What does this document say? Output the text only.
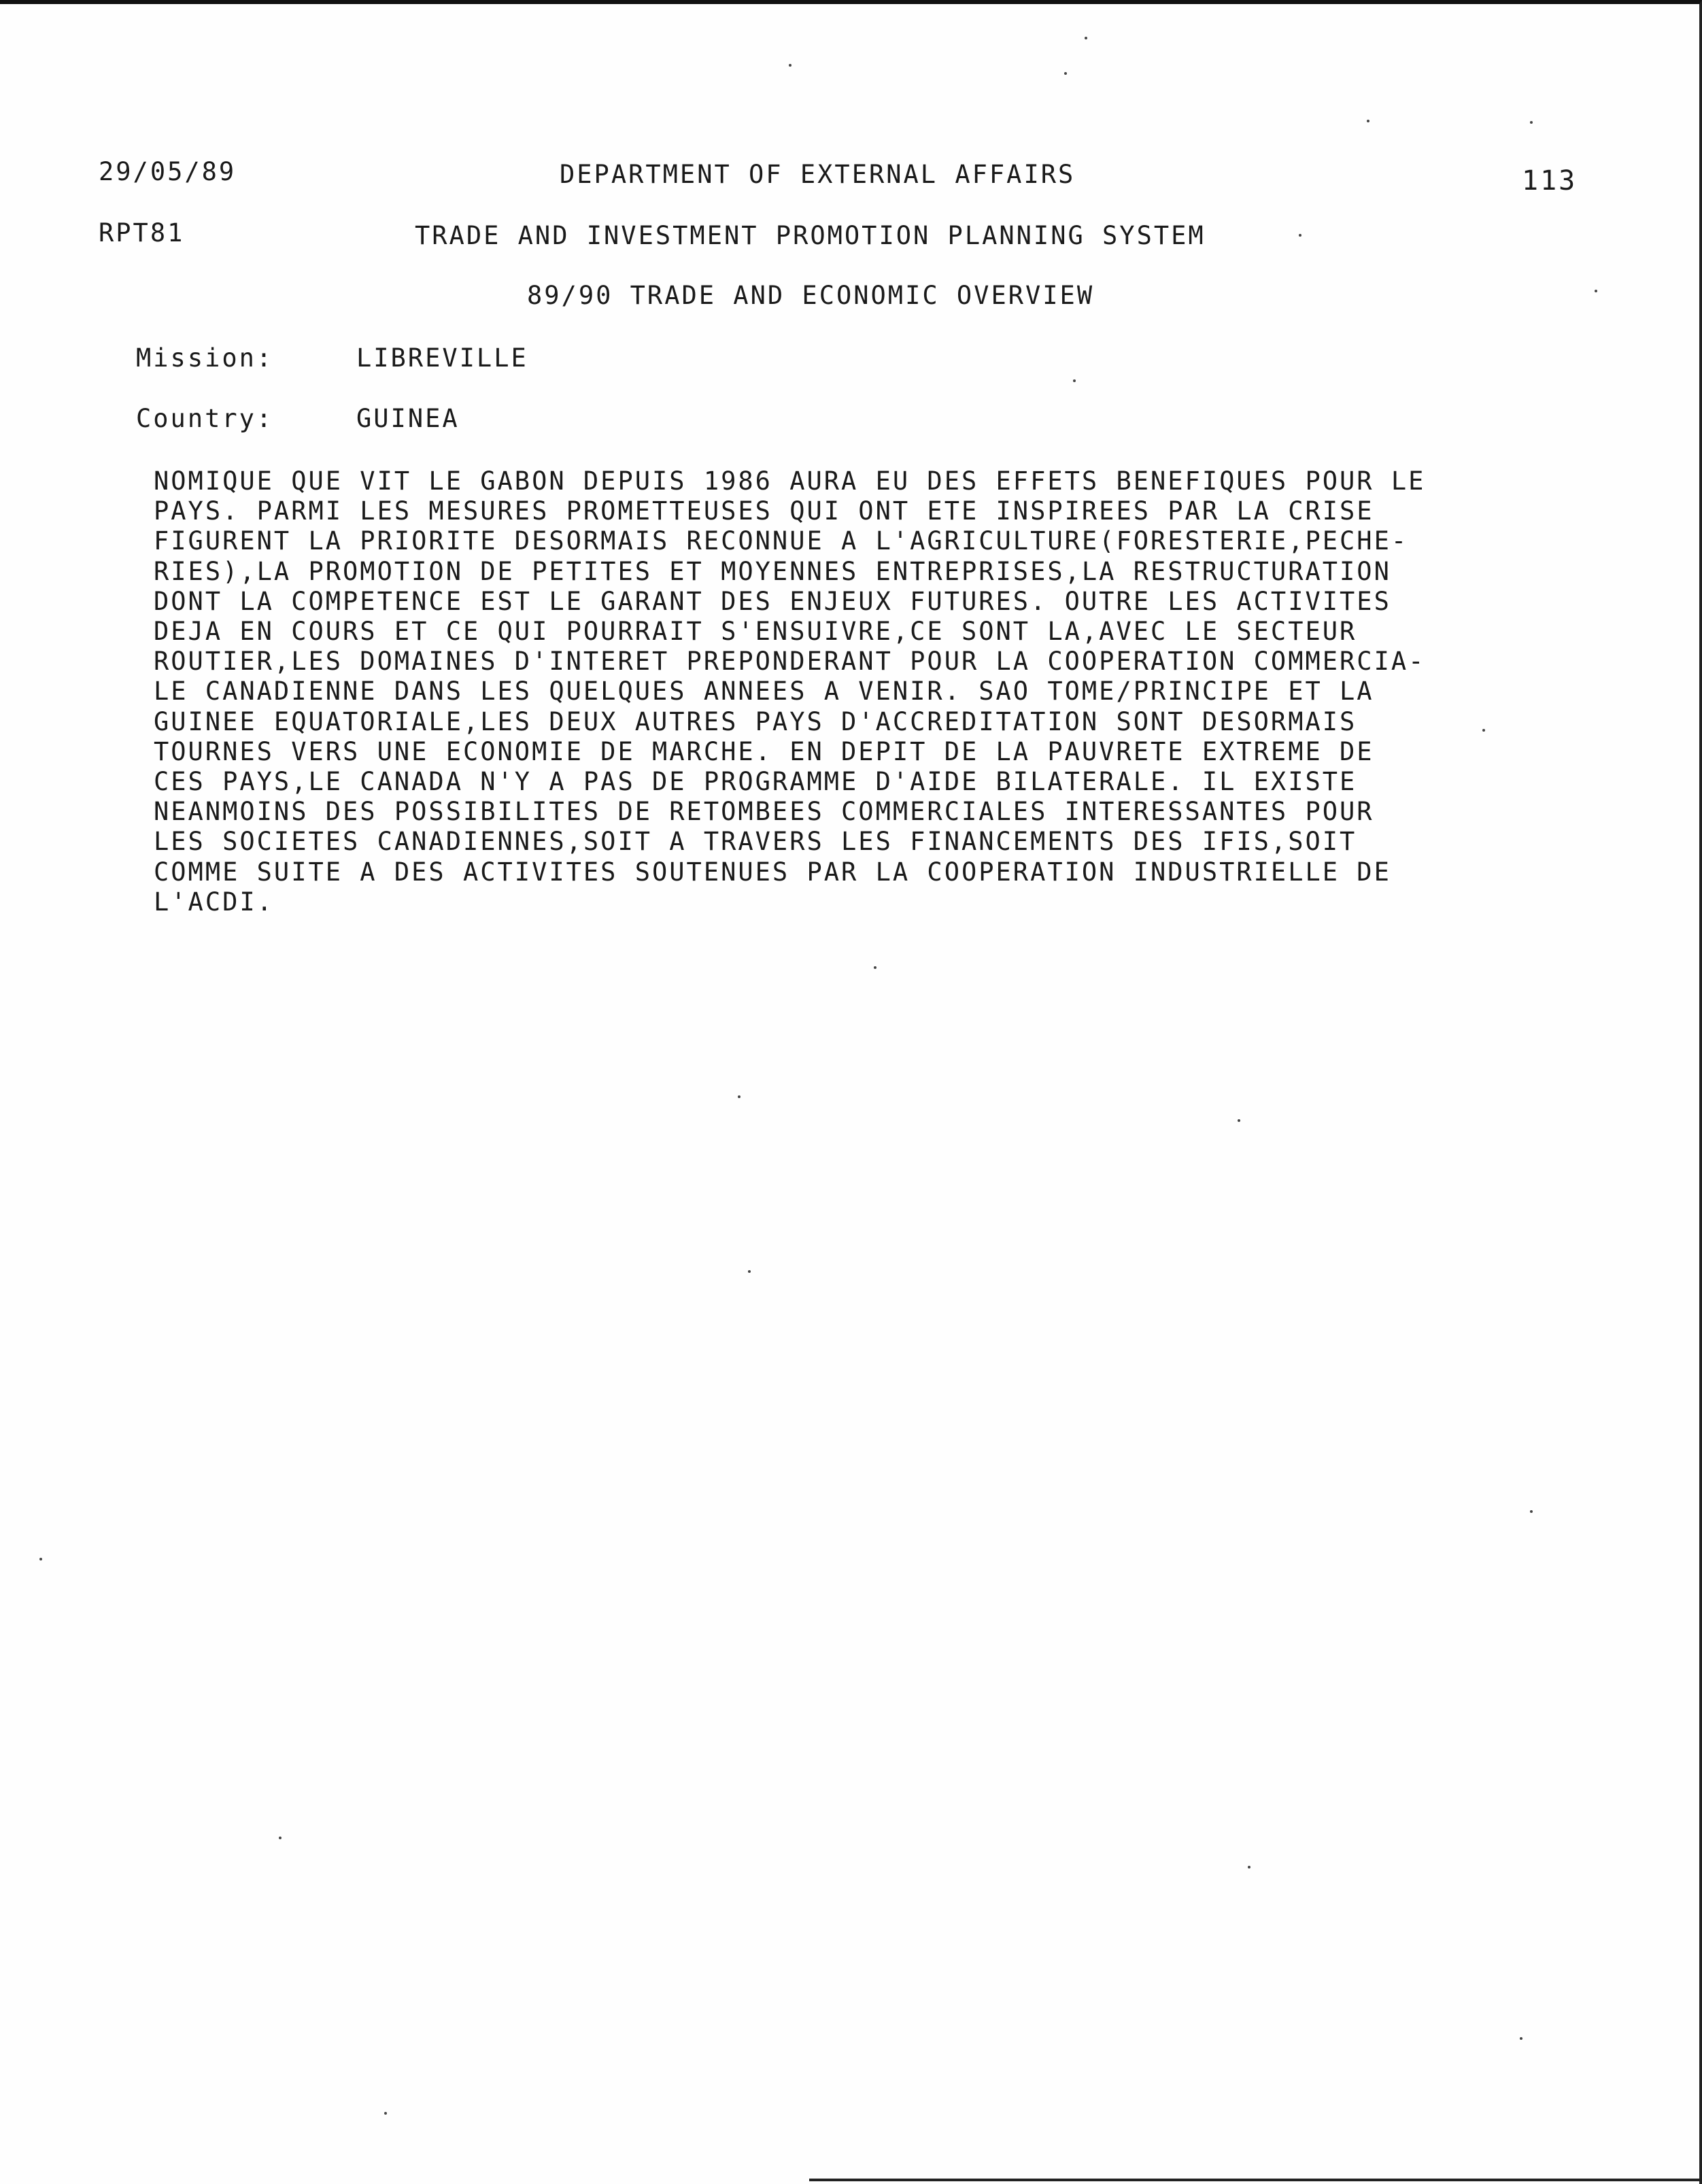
29/05/89	DEPARTMENT OF EXTERNAL AFFAIRS	113
RPT81	TRADE AND INVESTMENT PROMOTION PLANNING SYSTEM
89/90 TRADE AND ECONOMIC OVERVIEW
Mission:	LIBREVILLE
Country:	GUINEA
NOMIQUE QUE VIT LE GABON DEPUIS 1986 AURA EU DES EFFETS BENEFIQUES POUR LE
PAYS. PARMI LES MESURES PROMETTEUSES QUI ONT ETE INSPIREES PAR LA CRISE
FIGURENT LA PRIORITE DESORMAIS RECONNUE A L'AGRICULTURE(FORESTERIE,PECHE-
RIES),LA PROMOTION DE PETITES ET MOYENNES ENTREPRISES,LA RESTRUCTURATION
DONT LA COMPETENCE EST LE GARANT DES ENJEUX FUTURES. OUTRE LES ACTIVITES
DEJA EN COURS ET CE QUI POURRAIT S'ENSUIVRE,CE SONT LA,AVEC LE SECTEUR
ROUTIER,LES DOMAINES D'INTERET PREPONDERANT POUR LA COOPERATION COMMERCIA-
LE CANADIENNE DANS LES QUELQUES ANNEES A VENIR. SAO TOME/PRINCIPE ET LA
GUINEE EQUATORIALE,LES DEUX AUTRES PAYS D'ACCREDITATION SONT DESORMAIS
TOURNES VERS UNE ECONOMIE DE MARCHE. EN DEPIT DE LA PAUVRETE EXTREME DE
CES PAYS,LE CANADA N'Y A PAS DE PROGRAMME D'AIDE BILATERALE. IL EXISTE
NEANMOINS DES POSSIBILITES DE RETOMBEES COMMERCIALES INTERESSANTES POUR
LES SOCIETES CANADIENNES,SOIT A TRAVERS LES FINANCEMENTS DES IFIS,SOIT
COMME SUITE A DES ACTIVITES SOUTENUES PAR LA COOPERATION INDUSTRIELLE DE
L'ACDI.
